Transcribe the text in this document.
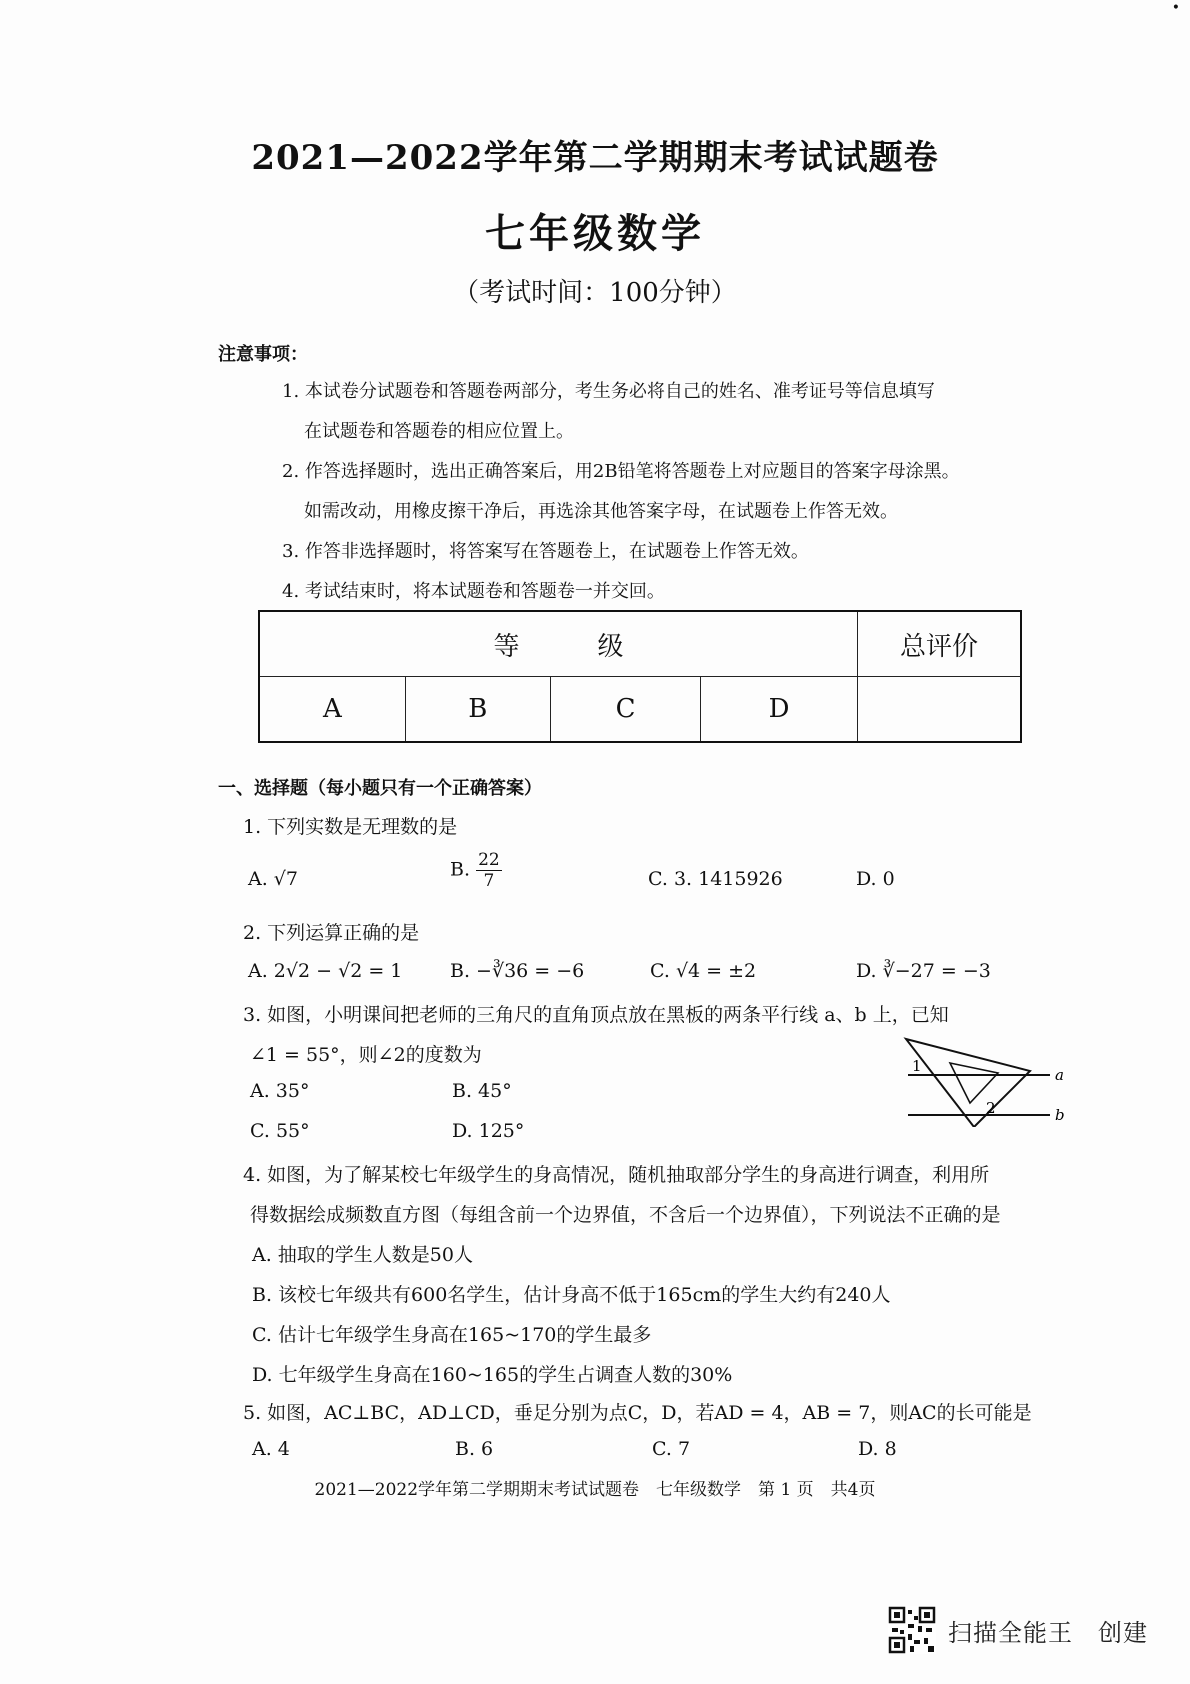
•
2021—2022学年第二学期期末考试试题卷
七年级数学
（考试时间：100分钟）
注意事项：
1. 本试卷分试题卷和答题卷两部分，考生务必将自己的姓名、准考证号等信息填写
在试题卷和答题卷的相应位置上。
2. 作答选择题时，选出正确答案后，用2B铅笔将答题卷上对应题目的答案字母涂黑。
如需改动，用橡皮擦干净后，再选涂其他答案字母，在试题卷上作答无效。
3. 作答非选择题时，将答案写在答题卷上，在试题卷上作答无效。
4. 考试结束时，将本试题卷和答题卷一并交回。
等　　　级				总评价
A	B	C	D	
一、选择题（每小题只有一个正确答案）
1. 下列实数是无理数的是
A. √7	B. $\frac{22}{7}$	C. 3. 1415926	D. 0
2. 下列运算正确的是
A. 2√2 − √2 = 1	B. −∛36 = −6	C. √4 = ±2	D. ∛−27 = −3
3. 如图，小明课间把老师的三角尺的直角顶点放在黑板的两条平行线 a、b 上，已知
∠1 = 55°，则∠2的度数为
A. 35°	B. 45°
C. 55°	D. 125°
1
2
a
b
4. 如图，为了解某校七年级学生的身高情况，随机抽取部分学生的身高进行调查，利用所
得数据绘成频数直方图（每组含前一个边界值，不含后一个边界值），下列说法不正确的是
A. 抽取的学生人数是50人
B. 该校七年级共有600名学生，估计身高不低于165cm的学生大约有240人
C. 估计七年级学生身高在165~170的学生最多
D. 七年级学生身高在160~165的学生占调查人数的30%
5. 如图，AC⊥BC，AD⊥CD，垂足分别为点C，D，若AD = 4，AB = 7，则AC的长可能是
A. 4	B. 6	C. 7	D. 8
2021—2022学年第二学期期末考试试题卷　七年级数学　第 1 页　共4页
扫描全能王　创建
